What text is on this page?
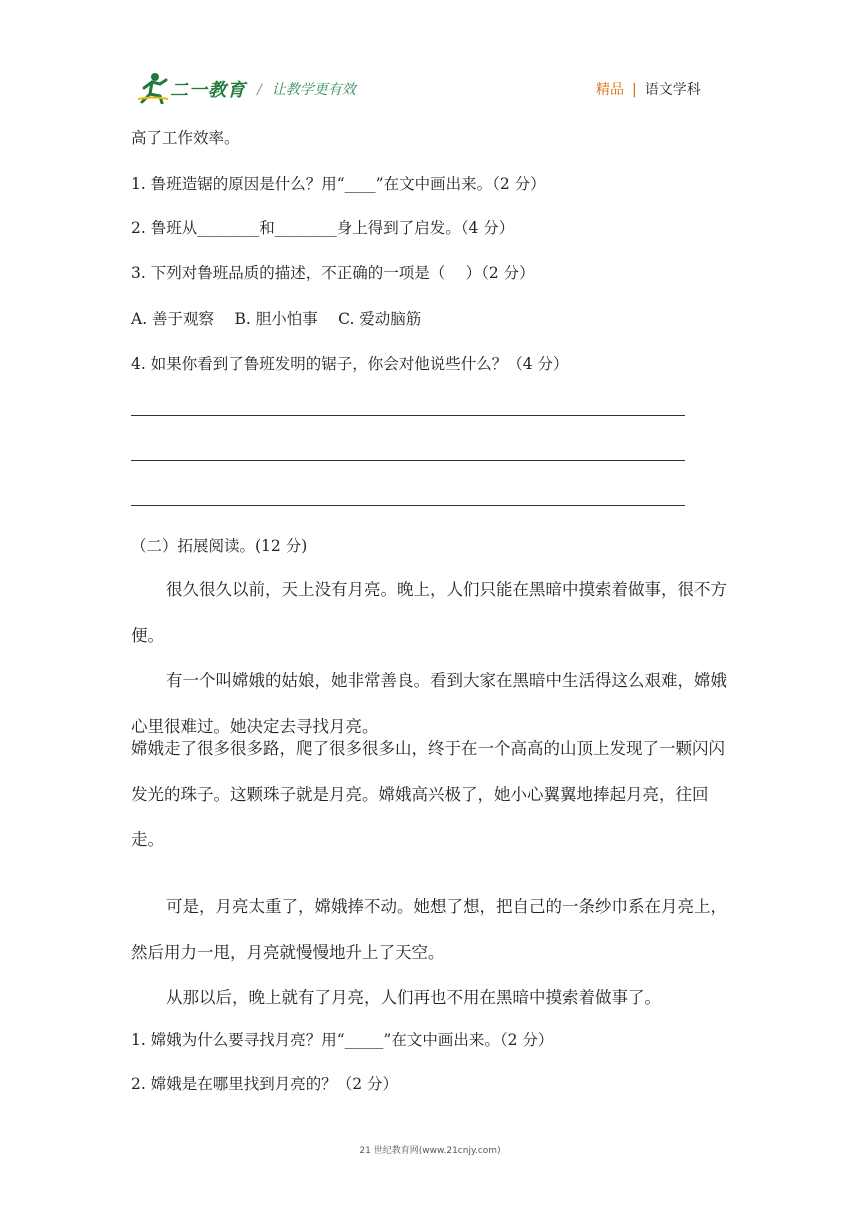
二一教育 / 让教学更有效	精品 | 语文学科
高了工作效率。
1. 鲁班造锯的原因是什么？用“____”在文中画出来。（2 分）
2. 鲁班从________和________身上得到了启发。（4 分）
3. 下列对鲁班品质的描述，不正确的一项是（　 ）（2 分）
A. 善于观察　 B. 胆小怕事　 C. 爱动脑筋
4. 如果你看到了鲁班发明的锯子，你会对他说些什么？（4 分）
（二）拓展阅读。(12 分)
很久很久以前，天上没有月亮。晚上，人们只能在黑暗中摸索着做事，很不方便。
有一个叫嫦娥的姑娘，她非常善良。看到大家在黑暗中生活得这么艰难，嫦娥心里很难过。她决定去寻找月亮。
嫦娥走了很多很多路，爬了很多很多山，终于在一个高高的山顶上发现了一颗闪闪发光的珠子。这颗珠子就是月亮。嫦娥高兴极了，她小心翼翼地捧起月亮，往回走。
可是，月亮太重了，嫦娥捧不动。她想了想，把自己的一条纱巾系在月亮上，然后用力一甩，月亮就慢慢地升上了天空。
从那以后，晚上就有了月亮，人们再也不用在黑暗中摸索着做事了。
1. 嫦娥为什么要寻找月亮？用“_____”在文中画出来。（2 分）
2. 嫦娥是在哪里找到月亮的？（2 分）
21 世纪教育网(www.21cnjy.com)
